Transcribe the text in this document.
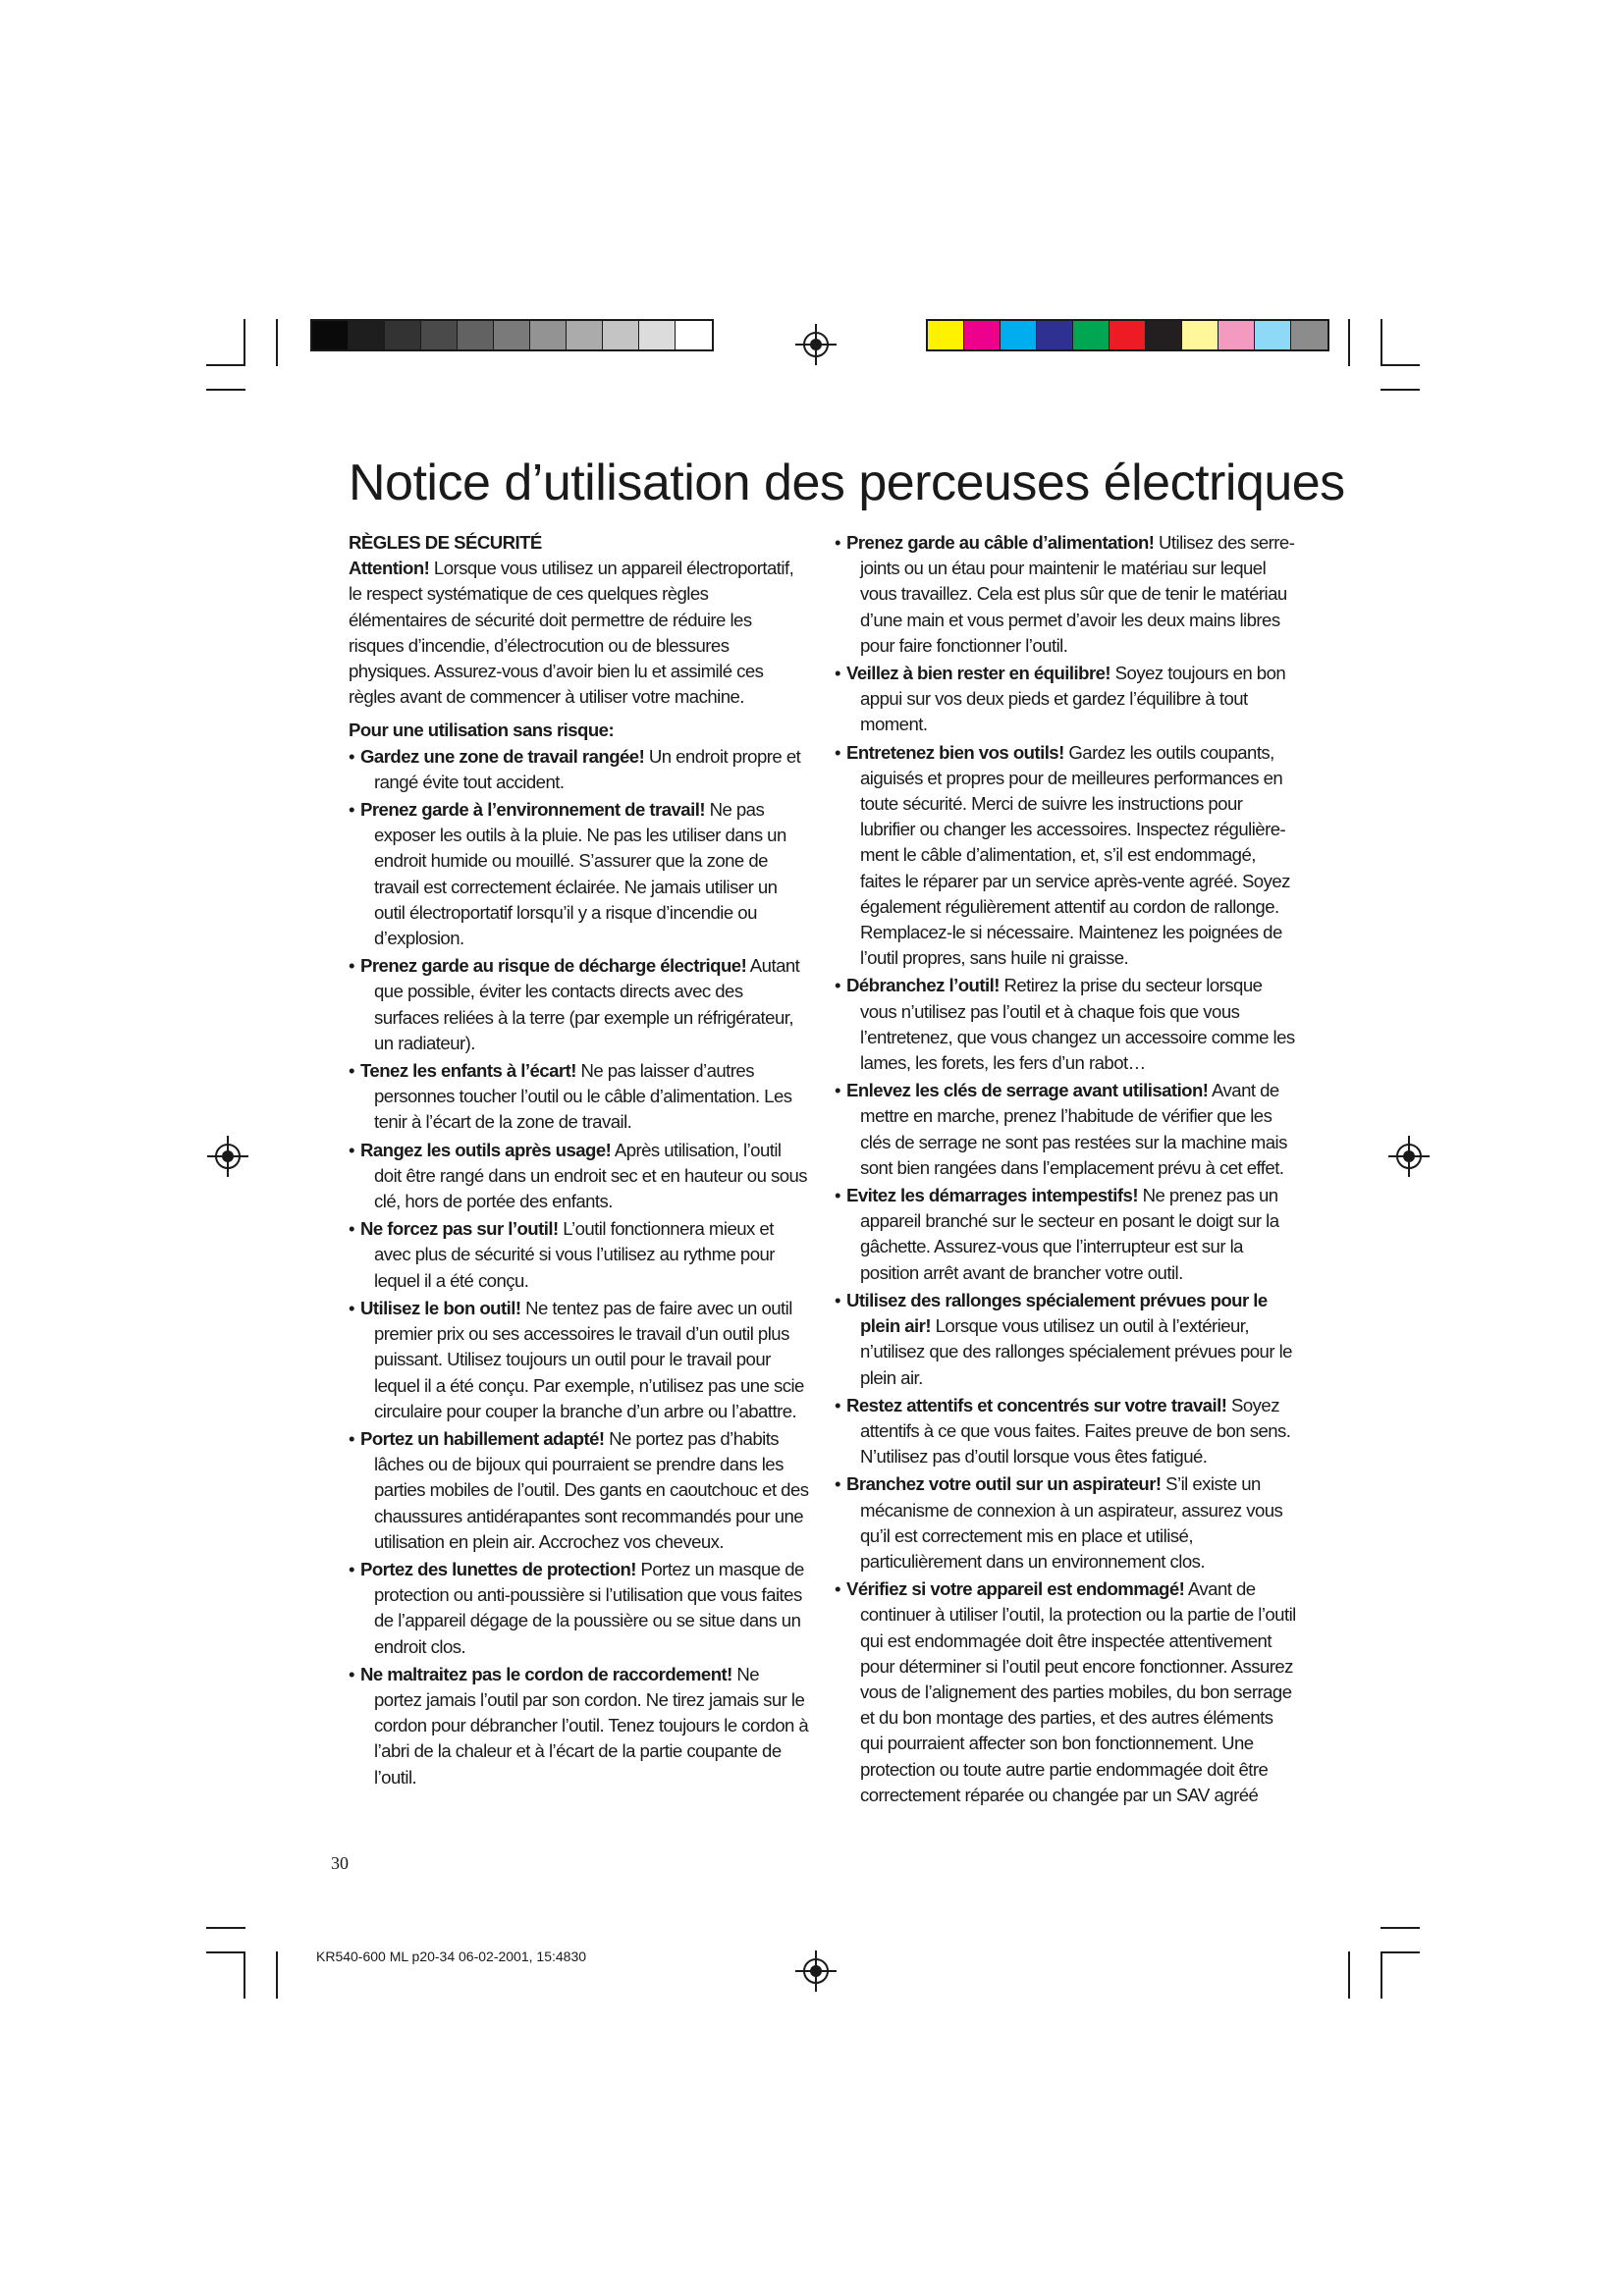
Notice d’utilisation des perceuses électriques

RÈGLES DE SÉCURITÉ

Attention! Lorsque vous utilisez un appareil électroportatif, le respect systématique de ces quelques règles élémentaires de sécurité doit permettre de réduire les risques d’incendie, d’électrocution ou de blessures physiques. Assurez-vous d’avoir bien lu et assimilé ces règles avant de commencer à utiliser votre machine.

Pour une utilisation sans risque:

• Gardez une zone de travail rangée! Un endroit propre et rangé évite tout accident.

• Prenez garde à l’environnement de travail! Ne pas exposer les outils à la pluie. Ne pas les utiliser dans un endroit humide ou mouillé. S’assurer que la zone de travail est correctement éclairée. Ne jamais utiliser un outil électroportatif lorsqu’il y a risque d’incendie ou d’explosion.

• Prenez garde au risque de décharge électrique! Autant que possible, éviter les contacts directs avec des surfaces reliées à la terre (par exemple un réfrigérateur, un radiateur).

• Tenez les enfants à l’écart! Ne pas laisser d’autres personnes toucher l’outil ou le câble d’alimentation. Les tenir à l’écart de la zone de travail.

• Rangez les outils après usage! Après utilisation, l’outil doit être rangé dans un endroit sec et en hauteur ou sous clé, hors de portée des enfants.

• Ne forcez pas sur l’outil! L’outil fonctionnera mieux et avec plus de sécurité si vous l’utilisez au rythme pour lequel il a été conçu.

• Utilisez le bon outil! Ne tentez pas de faire avec un outil premier prix ou ses accessoires le travail d’un outil plus puissant. Utilisez toujours un outil pour le travail pour lequel il a été conçu. Par exemple, n’utilisez pas une scie circulaire pour couper la branche d’un arbre ou l’abattre.

• Portez un habillement adapté! Ne portez pas d’habits lâches ou de bijoux qui pourraient se prendre dans les parties mobiles de l’outil. Des gants en caoutchouc et des chaussures antidérapantes sont recommandés pour une utilisation en plein air. Accrochez vos cheveux.

• Portez des lunettes de protection! Portez un masque de protection ou anti-poussière si l’utilisation que vous faites de l’appareil dégage de la poussière ou se situe dans un endroit clos.

• Ne maltraitez pas le cordon de raccordement! Ne portez jamais l’outil par son cordon. Ne tirez jamais sur le cordon pour débrancher l’outil. Tenez toujours le cordon à l’abri de la chaleur et à l’écart de la partie coupante de l’outil.

• Prenez garde au câble d’alimentation! Utilisez des serre-joints ou un étau pour maintenir le matériau sur lequel vous travaillez. Cela est plus sûr que de tenir le matériau d’une main et vous permet d’avoir les deux mains libres pour faire fonctionner l’outil.

• Veillez à bien rester en équilibre! Soyez toujours en bon appui sur vos deux pieds et gardez l’équilibre à tout moment.

• Entretenez bien vos outils! Gardez les outils coupants, aiguisés et propres pour de meilleures performances en toute sécurité. Merci de suivre les instructions pour lubrifier ou changer les accessoires. Inspectez régulière- ment le câble d’alimentation, et, s’il est endommagé, faites le réparer par un service après-vente agréé. Soyez également régulièrement attentif au cordon de rallonge. Remplacez-le si nécessaire. Maintenez les poignées de l’outil propres, sans huile ni graisse.

• Débranchez l’outil! Retirez la prise du secteur lorsque vous n’utilisez pas l’outil et à chaque fois que vous l’entretenez, que vous changez un accessoire comme les lames, les forets, les fers d’un rabot…

• Enlevez les clés de serrage avant utilisation! Avant de mettre en marche, prenez l’habitude de vérifier que les clés de serrage ne sont pas restées sur la machine mais sont bien rangées dans l’emplacement prévu à cet effet.

• Evitez les démarrages intempestifs! Ne prenez pas un appareil branché sur le secteur en posant le doigt sur la gâchette. Assurez-vous que l’interrupteur est sur la position arrêt avant de brancher votre outil.

• Utilisez des rallonges spécialement prévues pour le plein air! Lorsque vous utilisez un outil à l’extérieur, n’utilisez que des rallonges spécialement prévues pour le plein air.

• Restez attentifs et concentrés sur votre travail! Soyez attentifs à ce que vous faites. Faites preuve de bon sens. N’utilisez pas d’outil lorsque vous êtes fatigué.

• Branchez votre outil sur un aspirateur! S’il existe un mécanisme de connexion à un aspirateur, assurez vous qu’il est correctement mis en place et utilisé, particulièrement dans un environnement clos.

• Vérifiez si votre appareil est endommagé! Avant de continuer à utiliser l’outil, la protection ou la partie de l’outil qui est endommagée doit être inspectée attentivement pour déterminer si l’outil peut encore fonctionner. Assurez vous de l’alignement des parties mobiles, du bon serrage et du bon montage des parties, et des autres éléments qui pourraient affecter son bon fonctionnement. Une protection ou toute autre partie endommagée doit être correctement réparée ou changée par un SAV agréé

30
KR540-600 ML p20-34 06-02-2001, 15:4830
